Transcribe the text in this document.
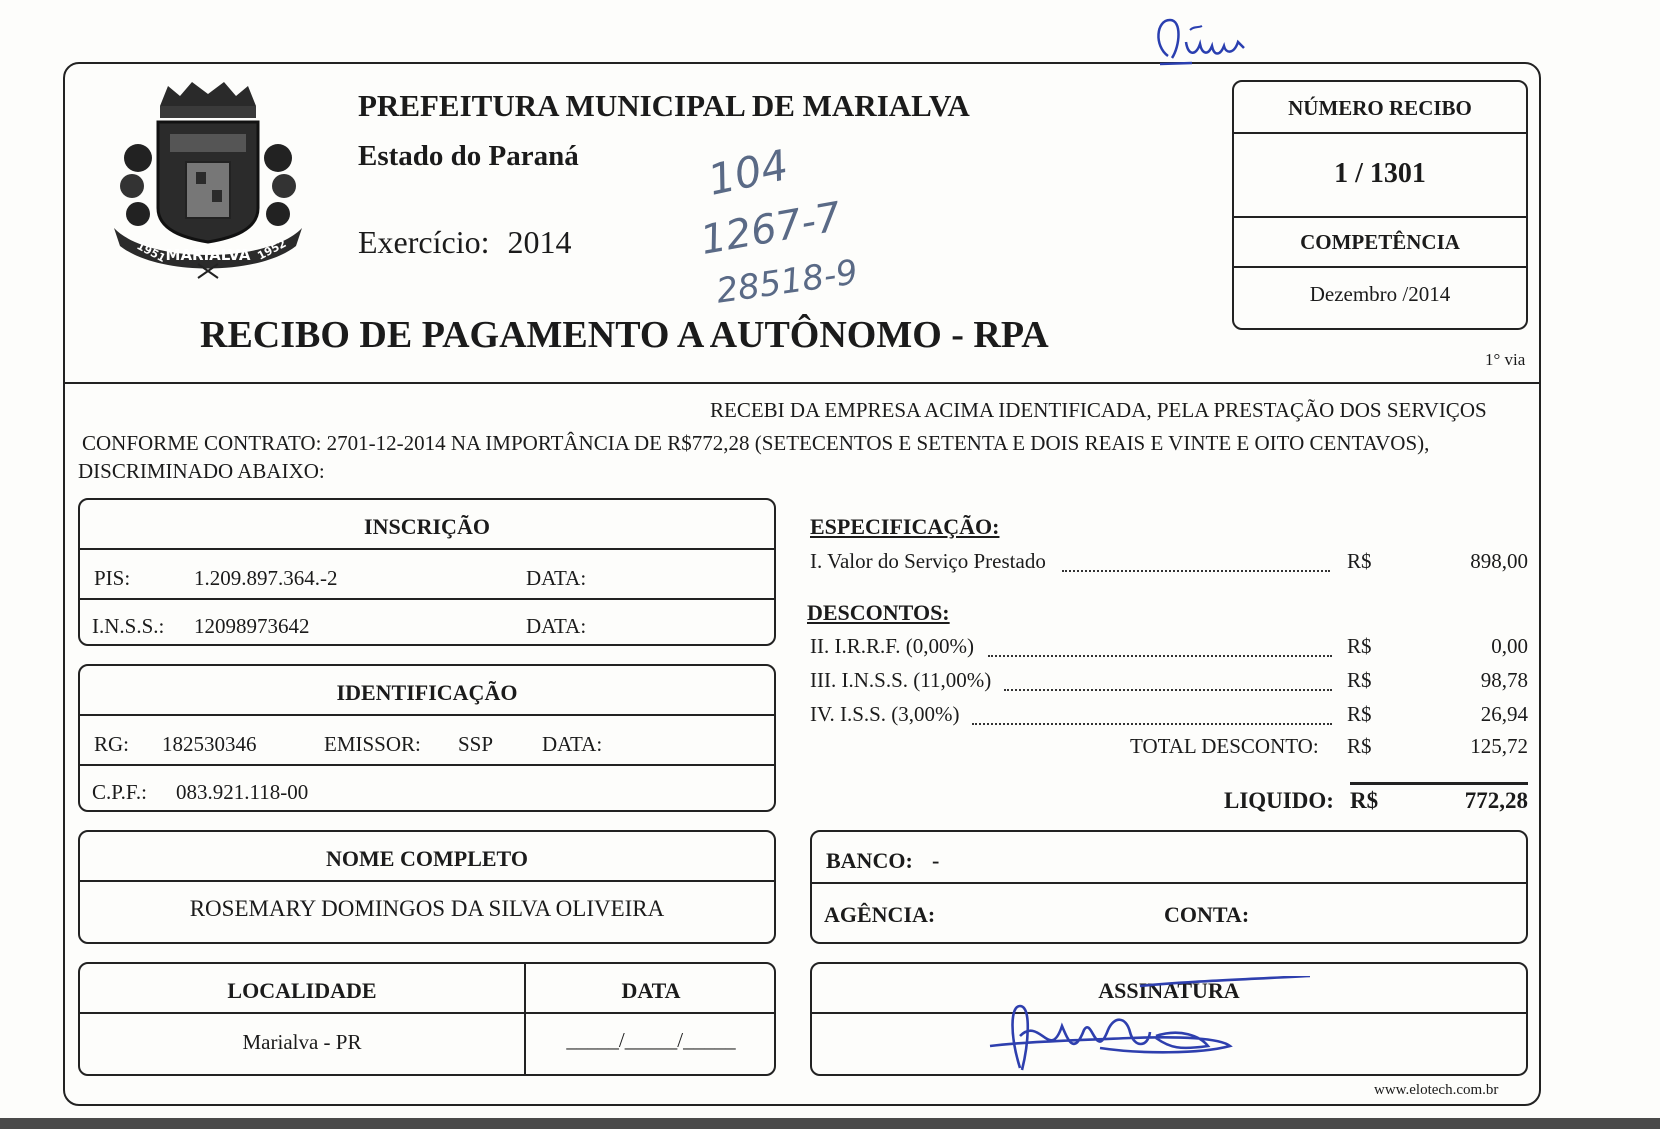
MARIALVA
1951	1952
PREFEITURA MUNICIPAL DE MARIALVA
Estado do Paraná
Exercício: 2014
104
1267-7
28518-9
RECIBO DE PAGAMENTO A AUTÔNOMO - RPA
1° via
NÚMERO RECIBO
1 / 1301
COMPETÊNCIA
Dezembro /2014
RECEBI DA EMPRESA ACIMA IDENTIFICADA, PELA PRESTAÇÃO DOS SERVIÇOS
CONFORME CONTRATO: 2701-12-2014 NA IMPORTÂNCIA DE R$772,28 (SETECENTOS E SETENTA E DOIS REAIS E VINTE E OITO CENTAVOS),
DISCRIMINADO ABAIXO:
INSCRIÇÃO
PIS:	1.209.897.364.-2	DATA:
I.N.S.S.: 12098973642	DATA:
IDENTIFICAÇÃO
RG: 182530346	EMISSOR: SSP DATA:
C.P.F.: 083.921.118-00
NOME COMPLETO
ROSEMARY DOMINGOS DA SILVA OLIVEIRA
LOCALIDADE	DATA
Marialva - PR	_____/_____/_____
ESPECIFICAÇÃO:
I. Valor do Serviço Prestado	R$	898,00
DESCONTOS:
II. I.R.R.F. (0,00%)	R$	0,00
III. I.N.S.S. (11,00%)	R$	98,78
IV. I.S.S. (3,00%)	R$	26,94
TOTAL DESCONTO: R$	125,72
LIQUIDO: R$	772,28
BANCO: -
AGÊNCIA:	CONTA:
ASSINATURA
www.elotech.com.br
